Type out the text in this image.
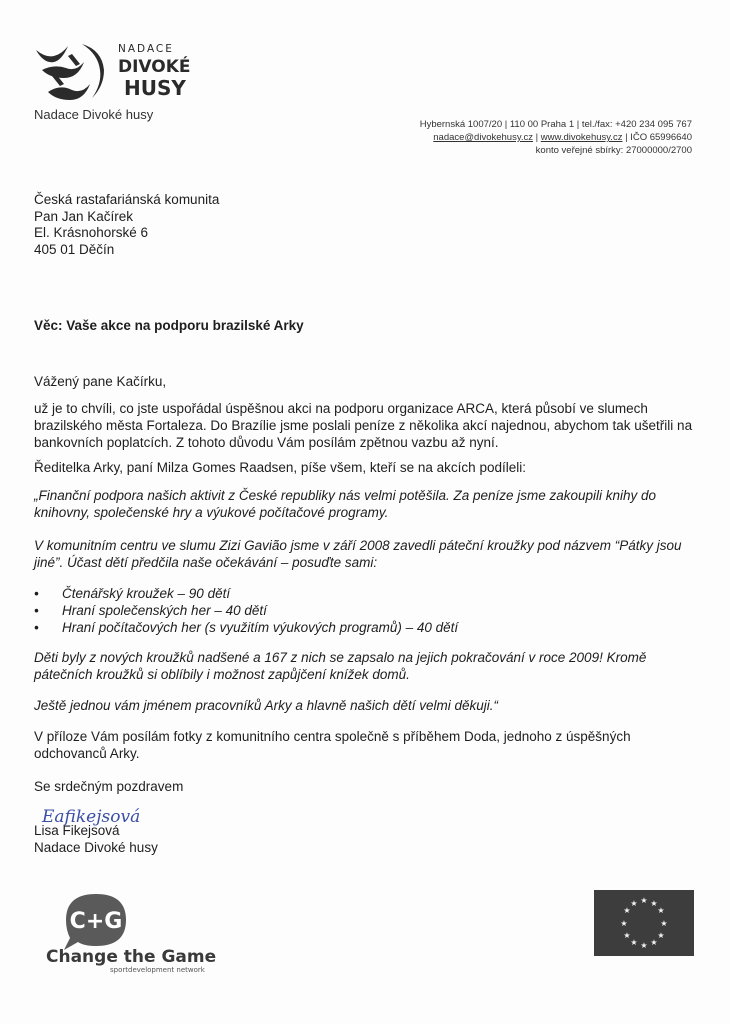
NADACE
DIVOKÉ
HUSY
Nadace Divoké husy
Hybernská 1007/20 | 110 00 Praha 1 | tel./fax: +420 234 095 767
nadace@divokehusy.cz | www.divokehusy.cz | IČO 65996640
konto veřejné sbírky: 27000000/2700
Česká rastafariánská komunita
Pan Jan Kačírek
El. Krásnohorské 6
405 01 Děčín
Věc: Vaše akce na podporu brazilské Arky
Vážený pane Kačírku,
už je to chvíli, co jste uspořádal úspěšnou akci na podporu organizace ARCA, která působí ve slumech brazilského města Fortaleza. Do Brazílie jsme poslali peníze z několika akcí najednou, abychom tak ušetřili na bankovních poplatcích. Z tohoto důvodu Vám posílám zpětnou vazbu až nyní.
Ředitelka Arky, paní Milza Gomes Raadsen, píše všem, kteří se na akcích podíleli:
„Finanční podpora našich aktivit z České republiky nás velmi potěšila. Za peníze jsme zakoupili knihy do knihovny, společenské hry a výukové počítačové programy.
V komunitním centru ve slumu Zizi Gavião jsme v září 2008 zavedli páteční kroužky pod názvem “Pátky jsou jiné”. Účast dětí předčila naše očekávání – posuďte sami:
• Čtenářský kroužek – 90 dětí
• Hraní společenských her – 40 dětí
• Hraní počítačových her (s využitím výukových programů) – 40 dětí
Děti byly z nových kroužků nadšené a 167 z nich se zapsalo na jejich pokračování v roce 2009! Kromě pátečních kroužků si oblíbily i možnost zapůjčení knížek domů.
Ještě jednou vám jménem pracovníků Arky a hlavně našich dětí velmi děkuji.“
V příloze Vám posílám fotky z komunitního centra společně s příběhem Doda, jednoho z úspěšných odchovanců Arky.
Se srdečným pozdravem
Eafikejsová
Lisa Fikejsová
Nadace Divoké husy
C+G
Change the Game
sportdevelopment network
★ ★
★
★
★
★
★
★
★
★
★
★
